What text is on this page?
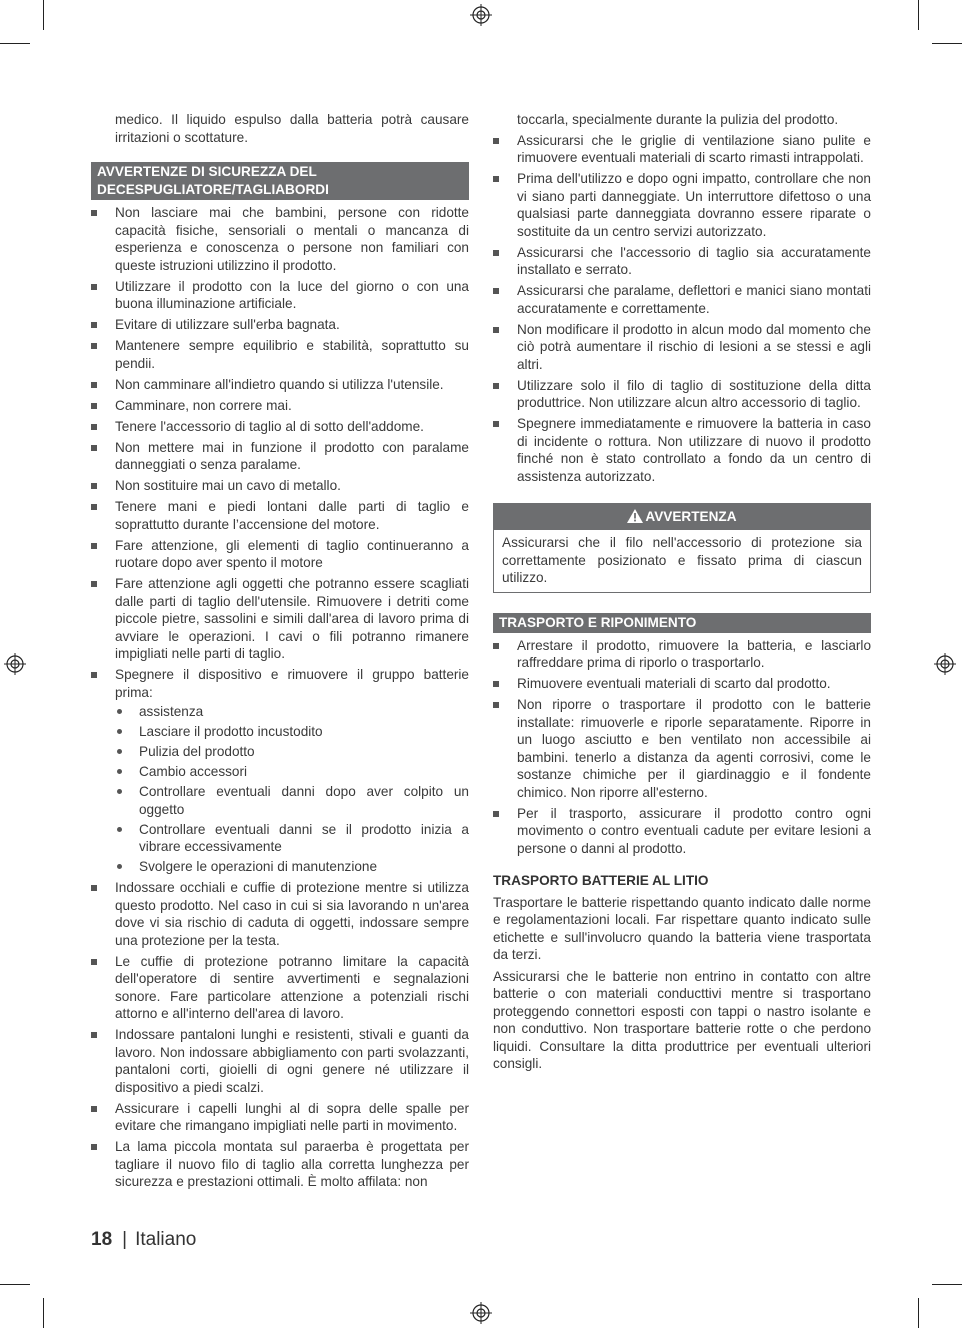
medico. Il liquido espulso dalla batteria potrà causare irritazioni o scottature.

AVVERTENZE DI SICUREZZA DEL DECESPUGLIATORE/TAGLIABORDI
Non lasciare mai che bambini, persone con ridotte capacità fisiche, sensoriali o mentali o mancanza di esperienza e conoscenza o persone non familiari con queste istruzioni utilizzino il prodotto.
Utilizzare il prodotto con la luce del giorno o con una buona illuminazione artificiale.
Evitare di utilizzare sull'erba bagnata.
Mantenere sempre equilibrio e stabilità, soprattutto su pendii.
Non camminare all'indietro quando si utilizza l'utensile.
Camminare, non correre mai.
Tenere l'accessorio di taglio al di sotto dell'addome.
Non mettere mai in funzione il prodotto con paralame danneggiati o senza paralame.
Non sostituire mai un cavo di metallo.
Tenere mani e piedi lontani dalle parti di taglio e soprattutto durante l’accensione del motore.
Fare attenzione, gli elementi di taglio continueranno a ruotare dopo aver spento il motore
Fare attenzione agli oggetti che potranno essere scagliati dalle parti di taglio dell'utensile. Rimuovere i detriti come piccole pietre, sassolini e simili dall'area di lavoro prima di avviare le operazioni. I cavi o fili potranno rimanere impigliati nelle parti di taglio.
Spegnere il dispositivo e rimuovere il gruppo batterie prima:
assistenza
Lasciare il prodotto incustodito
Pulizia del prodotto
Cambio accessori
Controllare eventuali danni dopo aver colpito un oggetto
Controllare eventuali danni se il prodotto inizia a vibrare eccessivamente
Svolgere le operazioni di manutenzione
Indossare occhiali e cuffie di protezione mentre si utilizza questo prodotto. Nel caso in cui si sia lavorando n un'area dove vi sia rischio di caduta di oggetti, indossare sempre una protezione per la testa.
Le cuffie di protezione potranno limitare la capacità dell'operatore di sentire avvertimenti e segnalazioni sonore. Fare particolare attenzione a potenziali rischi attorno e all'interno dell'area di lavoro.
Indossare pantaloni lunghi e resistenti, stivali e guanti da lavoro. Non indossare abbigliamento con parti svolazzanti, pantaloni corti, gioielli di ogni genere né utilizzare il dispositivo a piedi scalzi.
Assicurare i capelli lunghi al di sopra delle spalle per evitare che rimangano impigliati nelle parti in movimento.
La lama piccola montata sul paraerba è progettata per tagliare il nuovo filo di taglio alla corretta lunghezza per sicurezza e prestazioni ottimali. È molto affilata: non

toccarla, specialmente durante la pulizia del prodotto.

Assicurarsi che le griglie di ventilazione siano pulite e rimuovere eventuali materiali di scarto rimasti intrappolati.
Prima dell'utilizzo e dopo ogni impatto, controllare che non vi siano parti danneggiate. Un interruttore difettoso o una qualsiasi parte danneggiata dovranno essere riparate o sostituite da un centro servizi autorizzato.
Assicurarsi che l'accessorio di taglio sia accuratamente installato e serrato.
Assicurarsi che paralame, deflettori e manici siano montati accuratamente e correttamente.
Non modificare il prodotto in alcun modo dal momento che ciò potrà aumentare il rischio di lesioni a se stessi e agli altri.
Utilizzare solo il filo di taglio di sostituzione della ditta produttrice. Non utilizzare alcun altro accessorio di taglio.
Spegnere immediatamente e rimuovere la batteria in caso di incidente o rottura. Non utilizzare di nuovo il prodotto finché non è stato controllato a fondo da un centro di assistenza autorizzato.
AVVERTENZA
Assicurarsi che il filo nell'accessorio di protezione sia correttamente posizionato e fissato prima di ciascun utilizzo.
TRASPORTO E RIPONIMENTO
Arrestare il prodotto, rimuovere la batteria, e lasciarlo raffreddare prima di riporlo o trasportarlo.
Rimuovere eventuali materiali di scarto dal prodotto.
Non riporre o trasportare il prodotto con le batterie installate: rimuoverle e riporle separatamente. Riporre in un luogo asciutto e ben ventilato non accessibile ai bambini. tenerlo a distanza da agenti corrosivi, come le sostanze chimiche per il giardinaggio e il fondente chimico. Non riporre all'esterno.
Per il trasporto, assicurare il prodotto contro ogni movimento o contro eventuali cadute per evitare lesioni a persone o danni al prodotto.
TRASPORTO BATTERIE AL LITIO

Trasportare le batterie rispettando quanto indicato dalle norme e regolamentazioni locali. Far rispettare quanto indicato sulle etichette e sull'involucro quando la batteria viene trasportata da terzi.

Assicurarsi che le batterie non entrino in contatto con altre batterie o con materiali conducttivi mentre si trasportano proteggendo connettori esposti con tappi o nastro isolante e non conduttivo. Non trasportare batterie rotte o che perdono liquidi. Consultare la ditta produttrice per eventuali ulteriori consigli.

18 | Italiano
